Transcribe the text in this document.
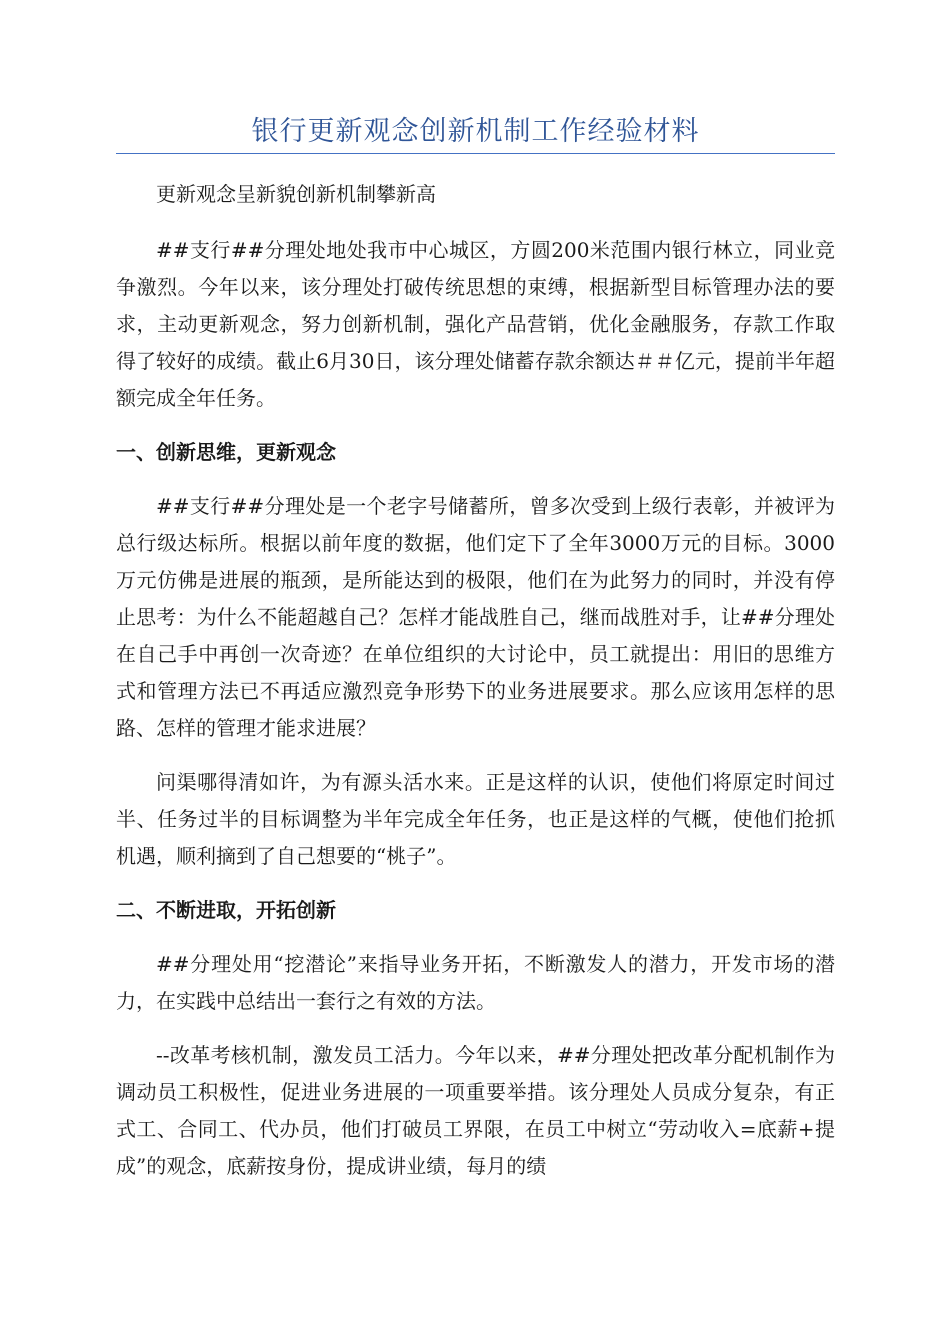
银行更新观念创新机制工作经验材料

更新观念呈新貌创新机制攀新高

##支行##分理处地处我市中心城区，方圆200米范围内银行林立，同业竞争激烈。今年以来，该分理处打破传统思想的束缚，根据新型目标管理办法的要求，主动更新观念，努力创新机制，强化产品营销，优化金融服务，存款工作取得了较好的成绩。截止6月30日，该分理处储蓄存款余额达＃＃亿元，提前半年超额完成全年任务。

一、创新思维，更新观念

##支行##分理处是一个老字号储蓄所，曾多次受到上级行表彰，并被评为总行级达标所。根据以前年度的数据，他们定下了全年3000万元的目标。3000万元仿佛是进展的瓶颈，是所能达到的极限，他们在为此努力的同时，并没有停止思考：为什么不能超越自己？怎样才能战胜自己，继而战胜对手，让##分理处在自己手中再创一次奇迹？在单位组织的大讨论中，员工就提出：用旧的思维方式和管理方法已不再适应激烈竞争形势下的业务进展要求。那么应该用怎样的思路、怎样的管理才能求进展？

问渠哪得清如许，为有源头活水来。正是这样的认识，使他们将原定时间过半、任务过半的目标调整为半年完成全年任务，也正是这样的气概，使他们抢抓机遇，顺利摘到了自己想要的“桃子”。

二、不断进取，开拓创新

##分理处用“挖潜论”来指导业务开拓，不断激发人的潜力，开发市场的潜力，在实践中总结出一套行之有效的方法。

--改革考核机制，激发员工活力。今年以来，##分理处把改革分配机制作为调动员工积极性，促进业务进展的一项重要举措。该分理处人员成分复杂，有正式工、合同工、代办员，他们打破员工界限，在员工中树立“劳动收入=底薪+提成”的观念，底薪按身份，提成讲业绩，每月的绩
